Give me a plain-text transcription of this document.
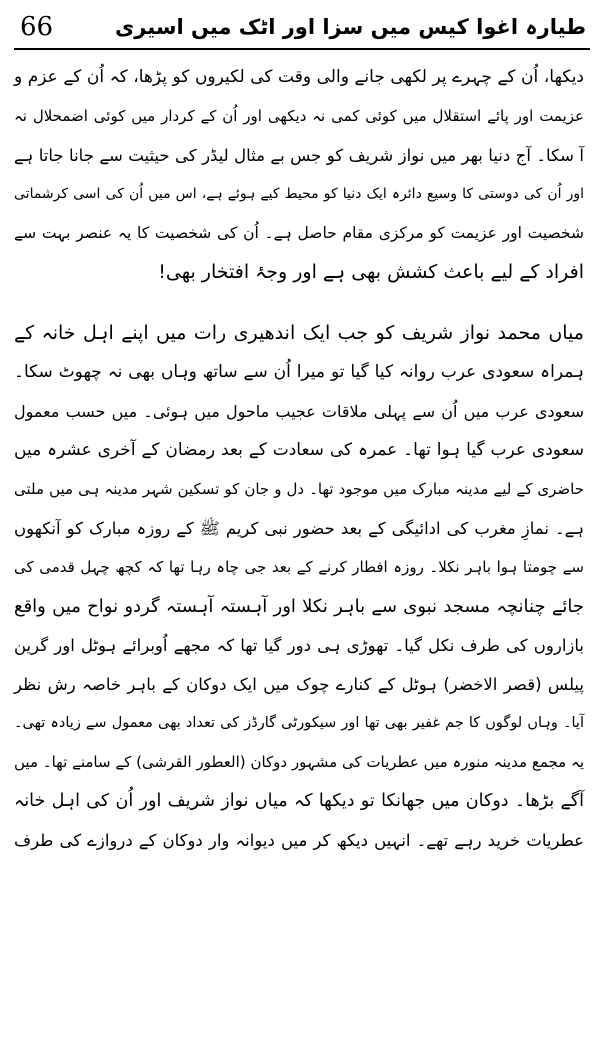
66	طیارہ اغوا کیس میں سزا اور اٹک میں اسیری

دیکھا، اُن کے چہرے پر لکھی جانے والی وقت کی لکیروں کو پڑھا، کہ اُن کے عزم و
عزیمت اور پائے استقلال میں کوئی کمی نہ دیکھی اور اُن کے کردار میں کوئی اضمحلال نہ
آ سکا۔ آج دنیا بھر میں نواز شریف کو جس بے مثال لیڈر کی حیثیت سے جانا جاتا ہے
اور اُن کی دوستی کا وسیع دائرہ ایک دنیا کو محیط کیے ہوئے ہے، اس میں اُن کی اسی کرشماتی
شخصیت اور عزیمت کو مرکزی مقام حاصل ہے۔ اُن کی شخصیت کا یہ عنصر بہت سے
افراد کے لیے باعث کشش بھی ہے اور وجۂ افتخار بھی!

میاں محمد نواز شریف کو جب ایک اندھیری رات میں اپنے اہل خانہ کے
ہمراہ سعودی عرب روانہ کیا گیا تو میرا اُن سے ساتھ وہاں بھی نہ چھوٹ سکا۔
سعودی عرب میں اُن سے پہلی ملاقات عجیب ماحول میں ہوئی۔ میں حسب معمول
سعودی عرب گیا ہوا تھا۔ عمرہ کی سعادت کے بعد رمضان کے آخری عشرہ میں
حاضری کے لیے مدینہ مبارک میں موجود تھا۔ دل و جان کو تسکین شہر مدینہ ہی میں ملتی
ہے۔ نمازِ مغرب کی ادائیگی کے بعد حضور نبی کریم ﷺ کے روزہ مبارک کو آنکھوں
سے چومتا ہوا باہر نکلا۔ روزہ افطار کرنے کے بعد جی چاہ رہا تھا کہ کچھ چہل قدمی کی
جائے چنانچہ مسجد نبوی سے باہر نکلا اور آہستہ آہستہ گردو نواح میں واقع
بازاروں کی طرف نکل گیا۔ تھوڑی ہی دور گیا تھا کہ مجھے اُوبرائے ہوٹل اور گرین
پیلس (قصر الاخضر) ہوٹل کے کنارے چوک میں ایک دوکان کے باہر خاصہ رش نظر
آیا۔ وہاں لوگوں کا جم غفیر بھی تھا اور سیکورٹی گارڈز کی تعداد بھی معمول سے زیادہ تھی۔
یہ مجمع مدینہ منورہ میں عطریات کی مشہور دوکان (العطور القرشی) کے سامنے تھا۔ میں
آگے بڑھا۔ دوکان میں جھانکا تو دیکھا کہ میاں نواز شریف اور اُن کی اہل خانہ
عطریات خرید رہے تھے۔ انہیں دیکھ کر میں دیوانہ وار دوکان کے دروازے کی طرف
